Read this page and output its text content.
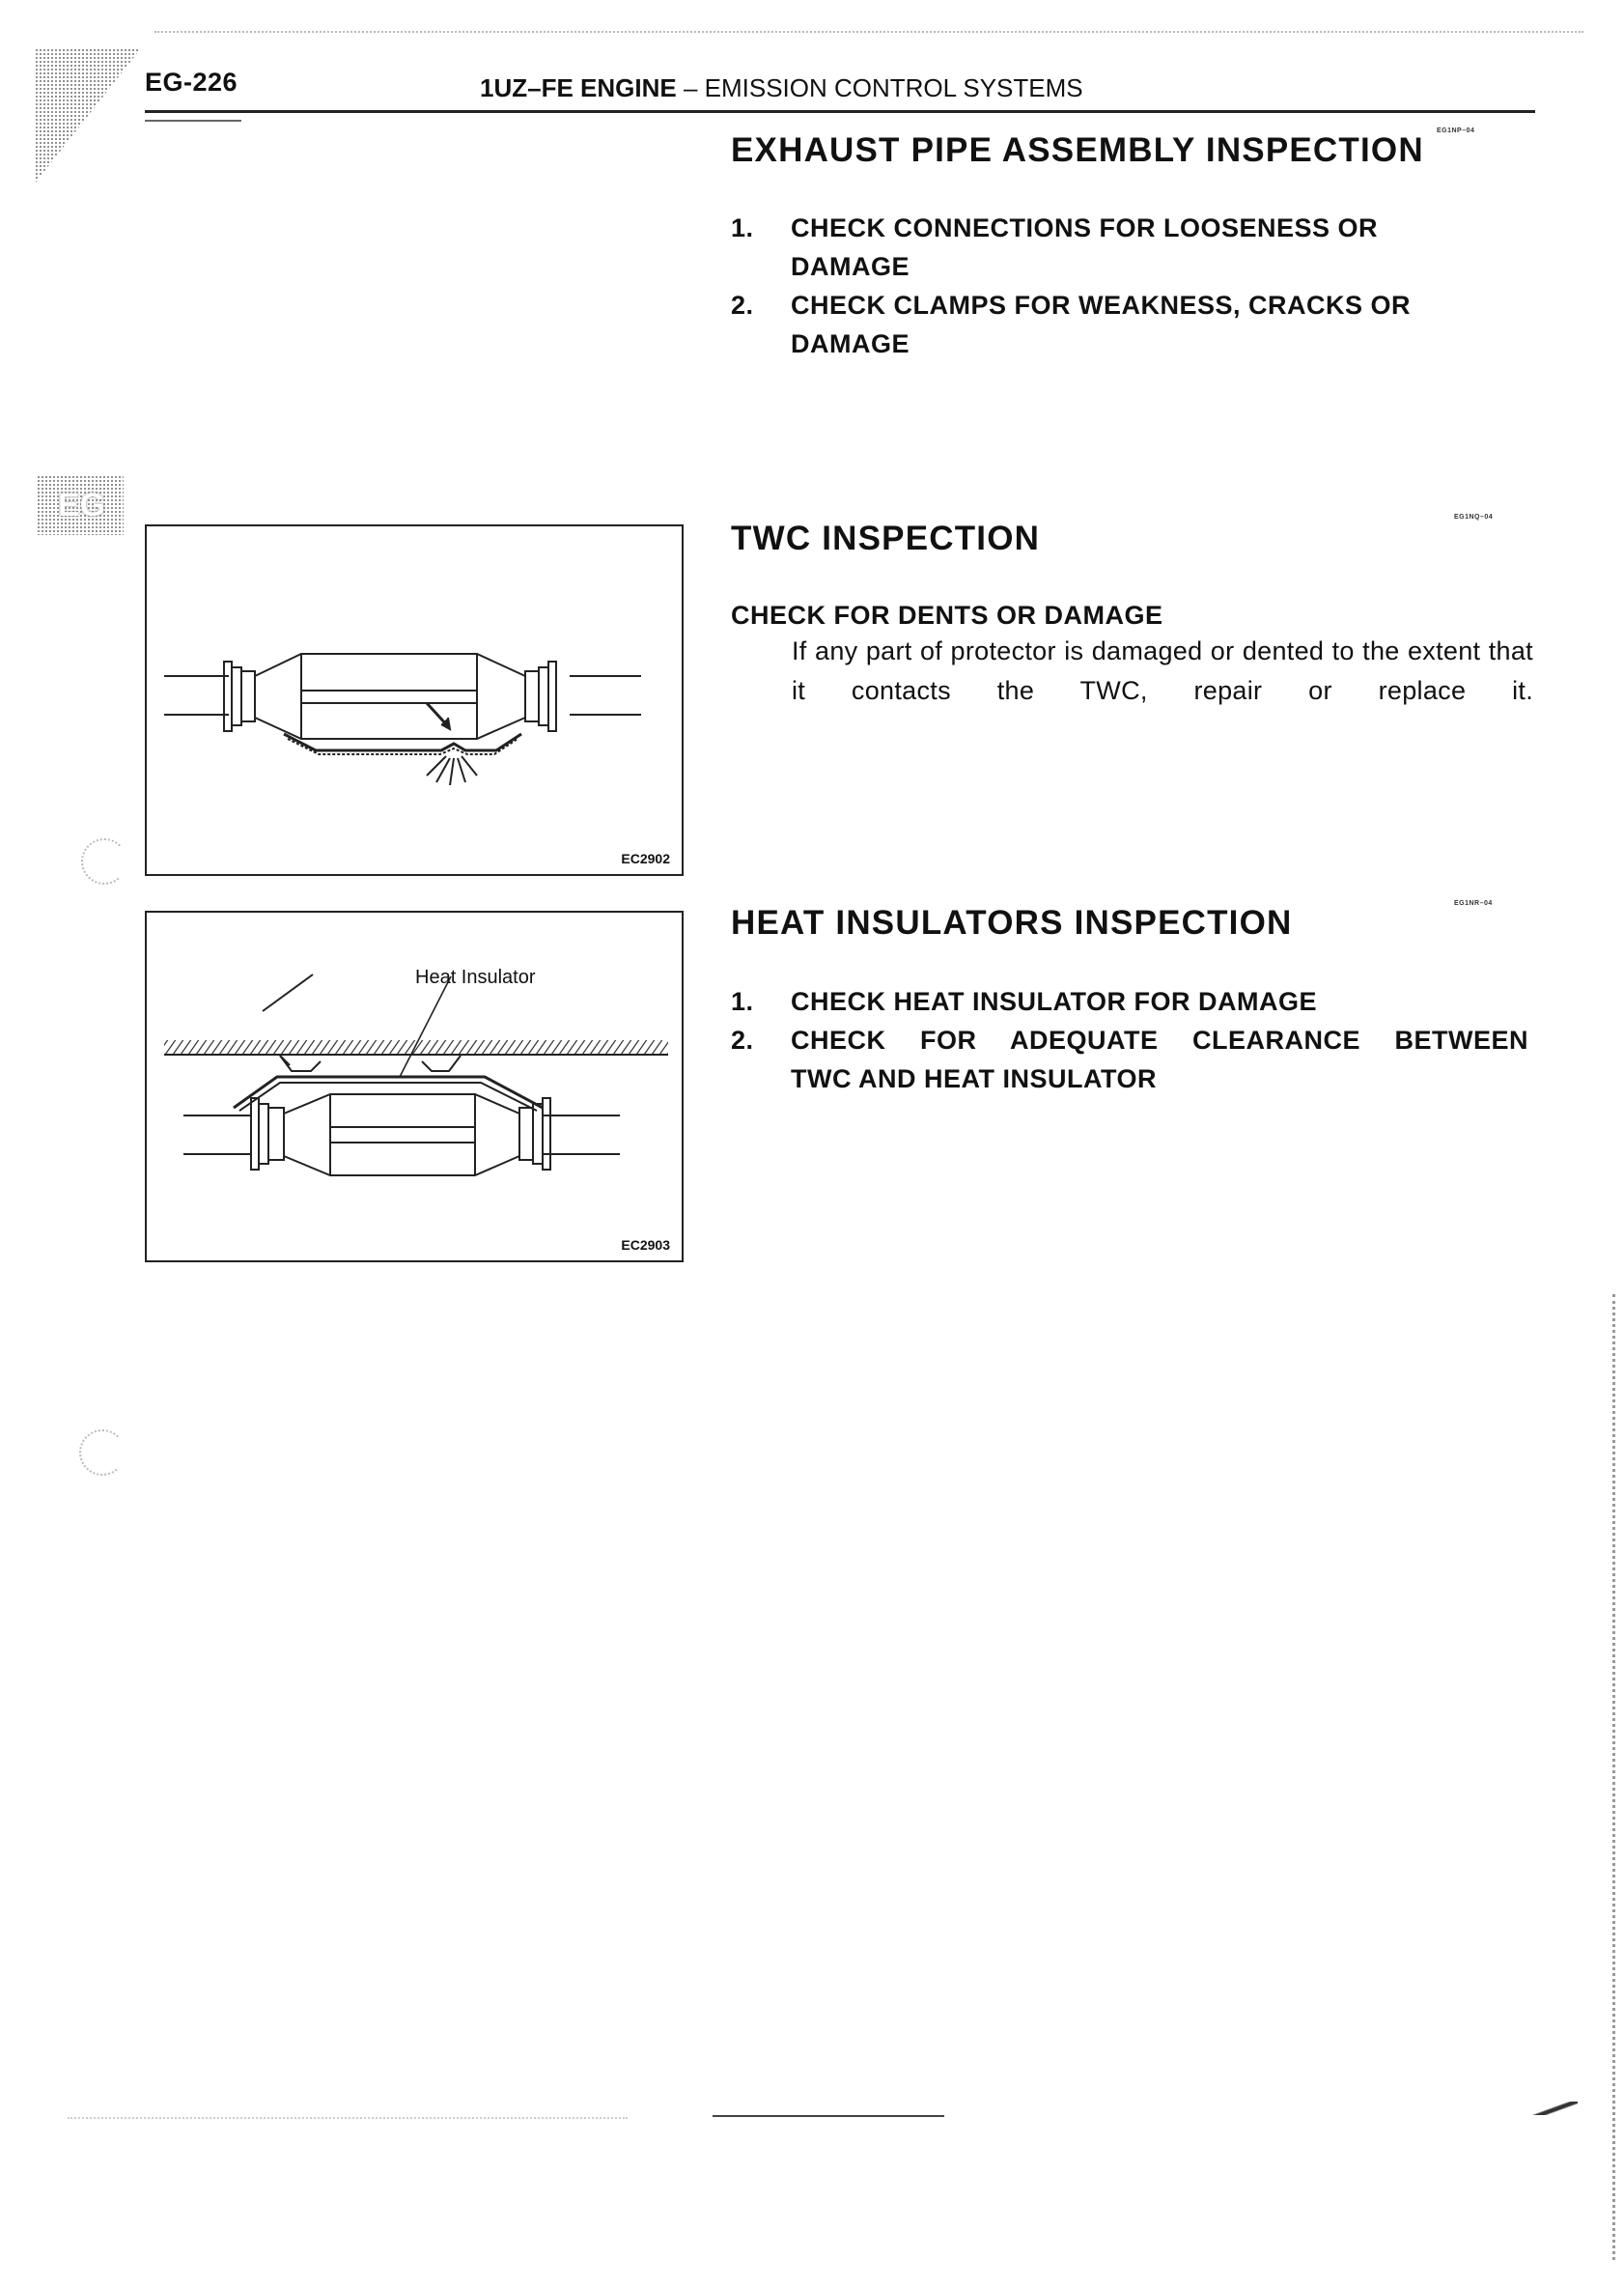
EG-226	1UZ–FE ENGINE – EMISSION CONTROL SYSTEMS
EG
EXHAUST PIPE ASSEMBLY INSPECTION
EG1NP–04
1.	CHECK CONNECTIONS FOR LOOSENESS OR DAMAGE
2.	CHECK CLAMPS FOR WEAKNESS, CRACKS OR DAMAGE
EC2902
TWC INSPECTION
EG1NQ–04
CHECK FOR DENTS OR DAMAGE
If any part of protector is damaged or dented to the extent that it contacts the TWC, repair or replace it.
Heat Insulator
EC2903
HEAT INSULATORS INSPECTION
EG1NR–04
1.	CHECK HEAT INSULATOR FOR DAMAGE
2.	CHECK FOR ADEQUATE CLEARANCE BETWEEN
TWC AND HEAT INSULATOR
